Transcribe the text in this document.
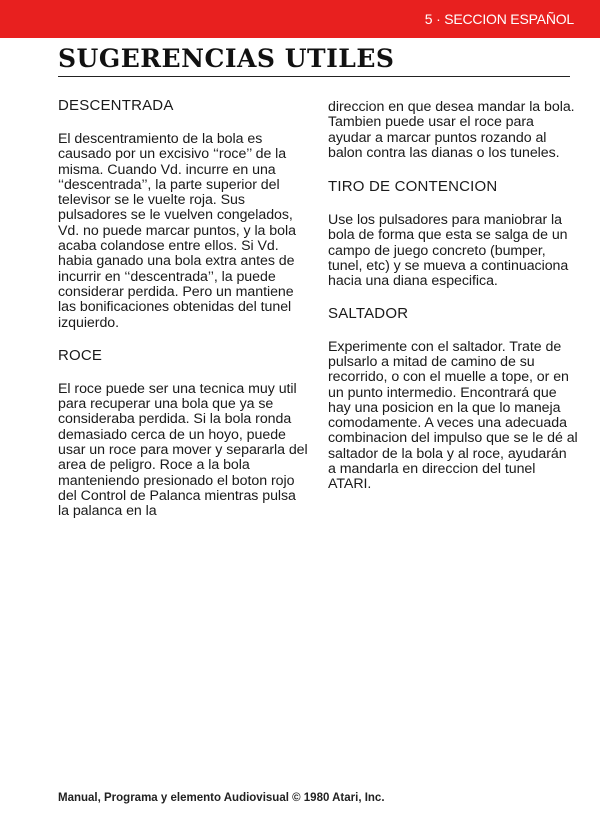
5 · SECCION ESPAÑOL
SUGERENCIAS UTILES
DESCENTRADA

El descentramiento de la bola es causado por un excisivo ‘‘roce’’ de la misma. Cuando Vd. incurre en una ‘‘descentrada’’, la parte superior del televisor se le vuelte roja. Sus pulsadores se le vuelven congelados, Vd. no puede marcar puntos, y la bola acaba colandose entre ellos. Si Vd. habia ganado una bola extra antes de incurrir en ‘‘descentrada’’, la puede considerar perdida. Pero un mantiene las bonificaciones obtenidas del tunel izquierdo.

ROCE

El roce puede ser una tecnica muy util para recuperar una bola que ya se consideraba perdida. Si la bola ronda demasiado cerca de un hoyo, puede usar un roce para mover y separarla del area de peligro. Roce a la bola manteniendo presionado el boton rojo del Control de Palanca mientras pulsa la palanca en la

direccion en que desea mandar la bola. Tambien puede usar el roce para ayudar a marcar puntos rozando al balon contra las dianas o los tuneles.

TIRO DE CONTENCION

Use los pulsadores para maniobrar la bola de forma que esta se salga de un campo de juego concreto (bumper, tunel, etc) y se mueva a continuaciona hacia una diana especifica.

SALTADOR

Experimente con el saltador. Trate de pulsarlo a mitad de camino de su recorrido, o con el muelle a tope, or en un punto intermedio. Encontrará que hay una posicion en la que lo maneja comodamente. A veces una adecuada combinacion del impulso que se le dé al saltador de la bola y al roce, ayudarán a mandarla en direccion del tunel ATARI.

Manual, Programa y elemento Audiovisual © 1980 Atari, Inc.
